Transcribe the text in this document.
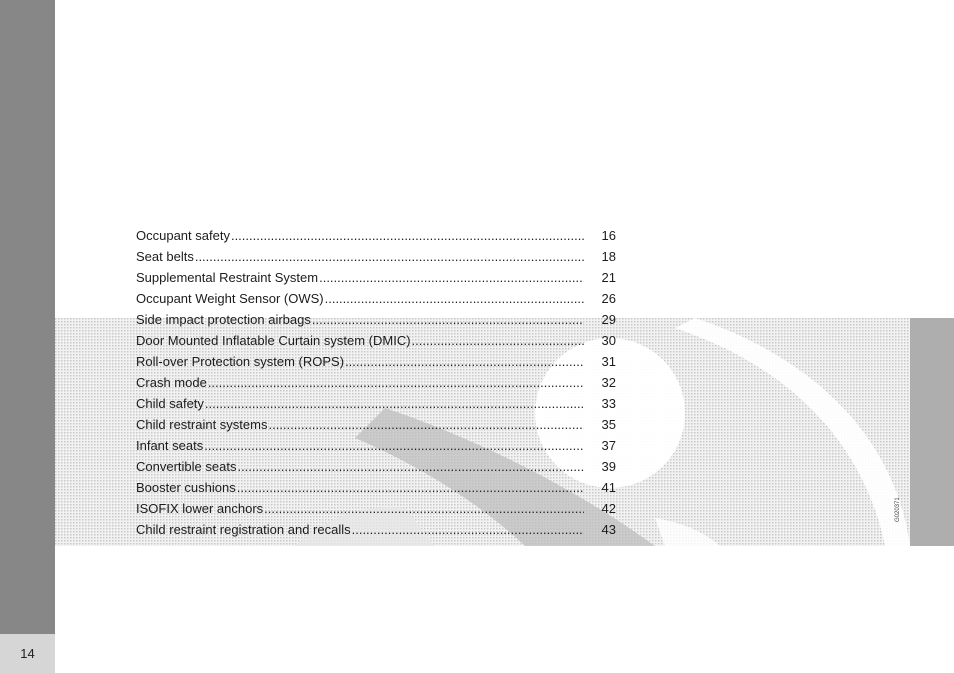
14
G020371
Occupant safety .....	16
Seat belts .....	18
Supplemental Restraint System .....	21
Occupant Weight Sensor (OWS) .....	26
Side impact protection airbags .....	29
Door Mounted Inflatable Curtain system (DMIC) .....	30
Roll-over Protection system (ROPS) .....	31
Crash mode .....	32
Child safety .....	33
Child restraint systems .....	35
Infant seats .....	37
Convertible seats .....	39
Booster cushions .....	41
ISOFIX lower anchors .....	42
Child restraint registration and recalls .....	43
